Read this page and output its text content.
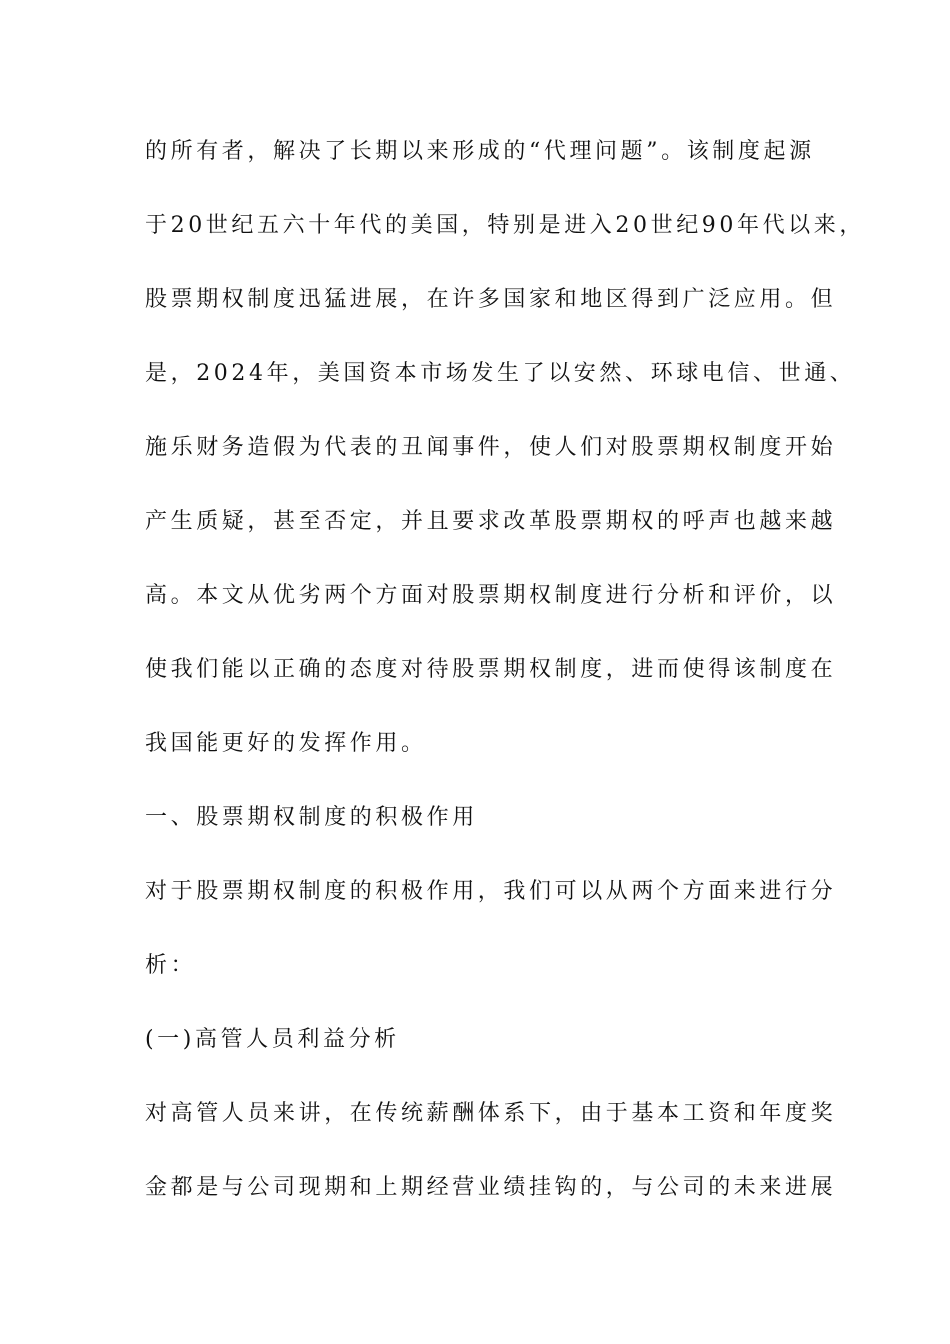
的所有者，解决了长期以来形成的“代理问题”。该制度起源
于20世纪五六十年代的美国，特别是进入20世纪90年代以来，
股票期权制度迅猛进展，在许多国家和地区得到广泛应用。但
是，2024年，美国资本市场发生了以安然、环球电信、世通、
施乐财务造假为代表的丑闻事件，使人们对股票期权制度开始
产生质疑，甚至否定，并且要求改革股票期权的呼声也越来越
高。本文从优劣两个方面对股票期权制度进行分析和评价，以
使我们能以正确的态度对待股票期权制度，进而使得该制度在
我国能更好的发挥作用。
一、股票期权制度的积极作用
对于股票期权制度的积极作用，我们可以从两个方面来进行分
析：
(一)高管人员利益分析
对高管人员来讲，在传统薪酬体系下，由于基本工资和年度奖
金都是与公司现期和上期经营业绩挂钩的，与公司的未来进展
